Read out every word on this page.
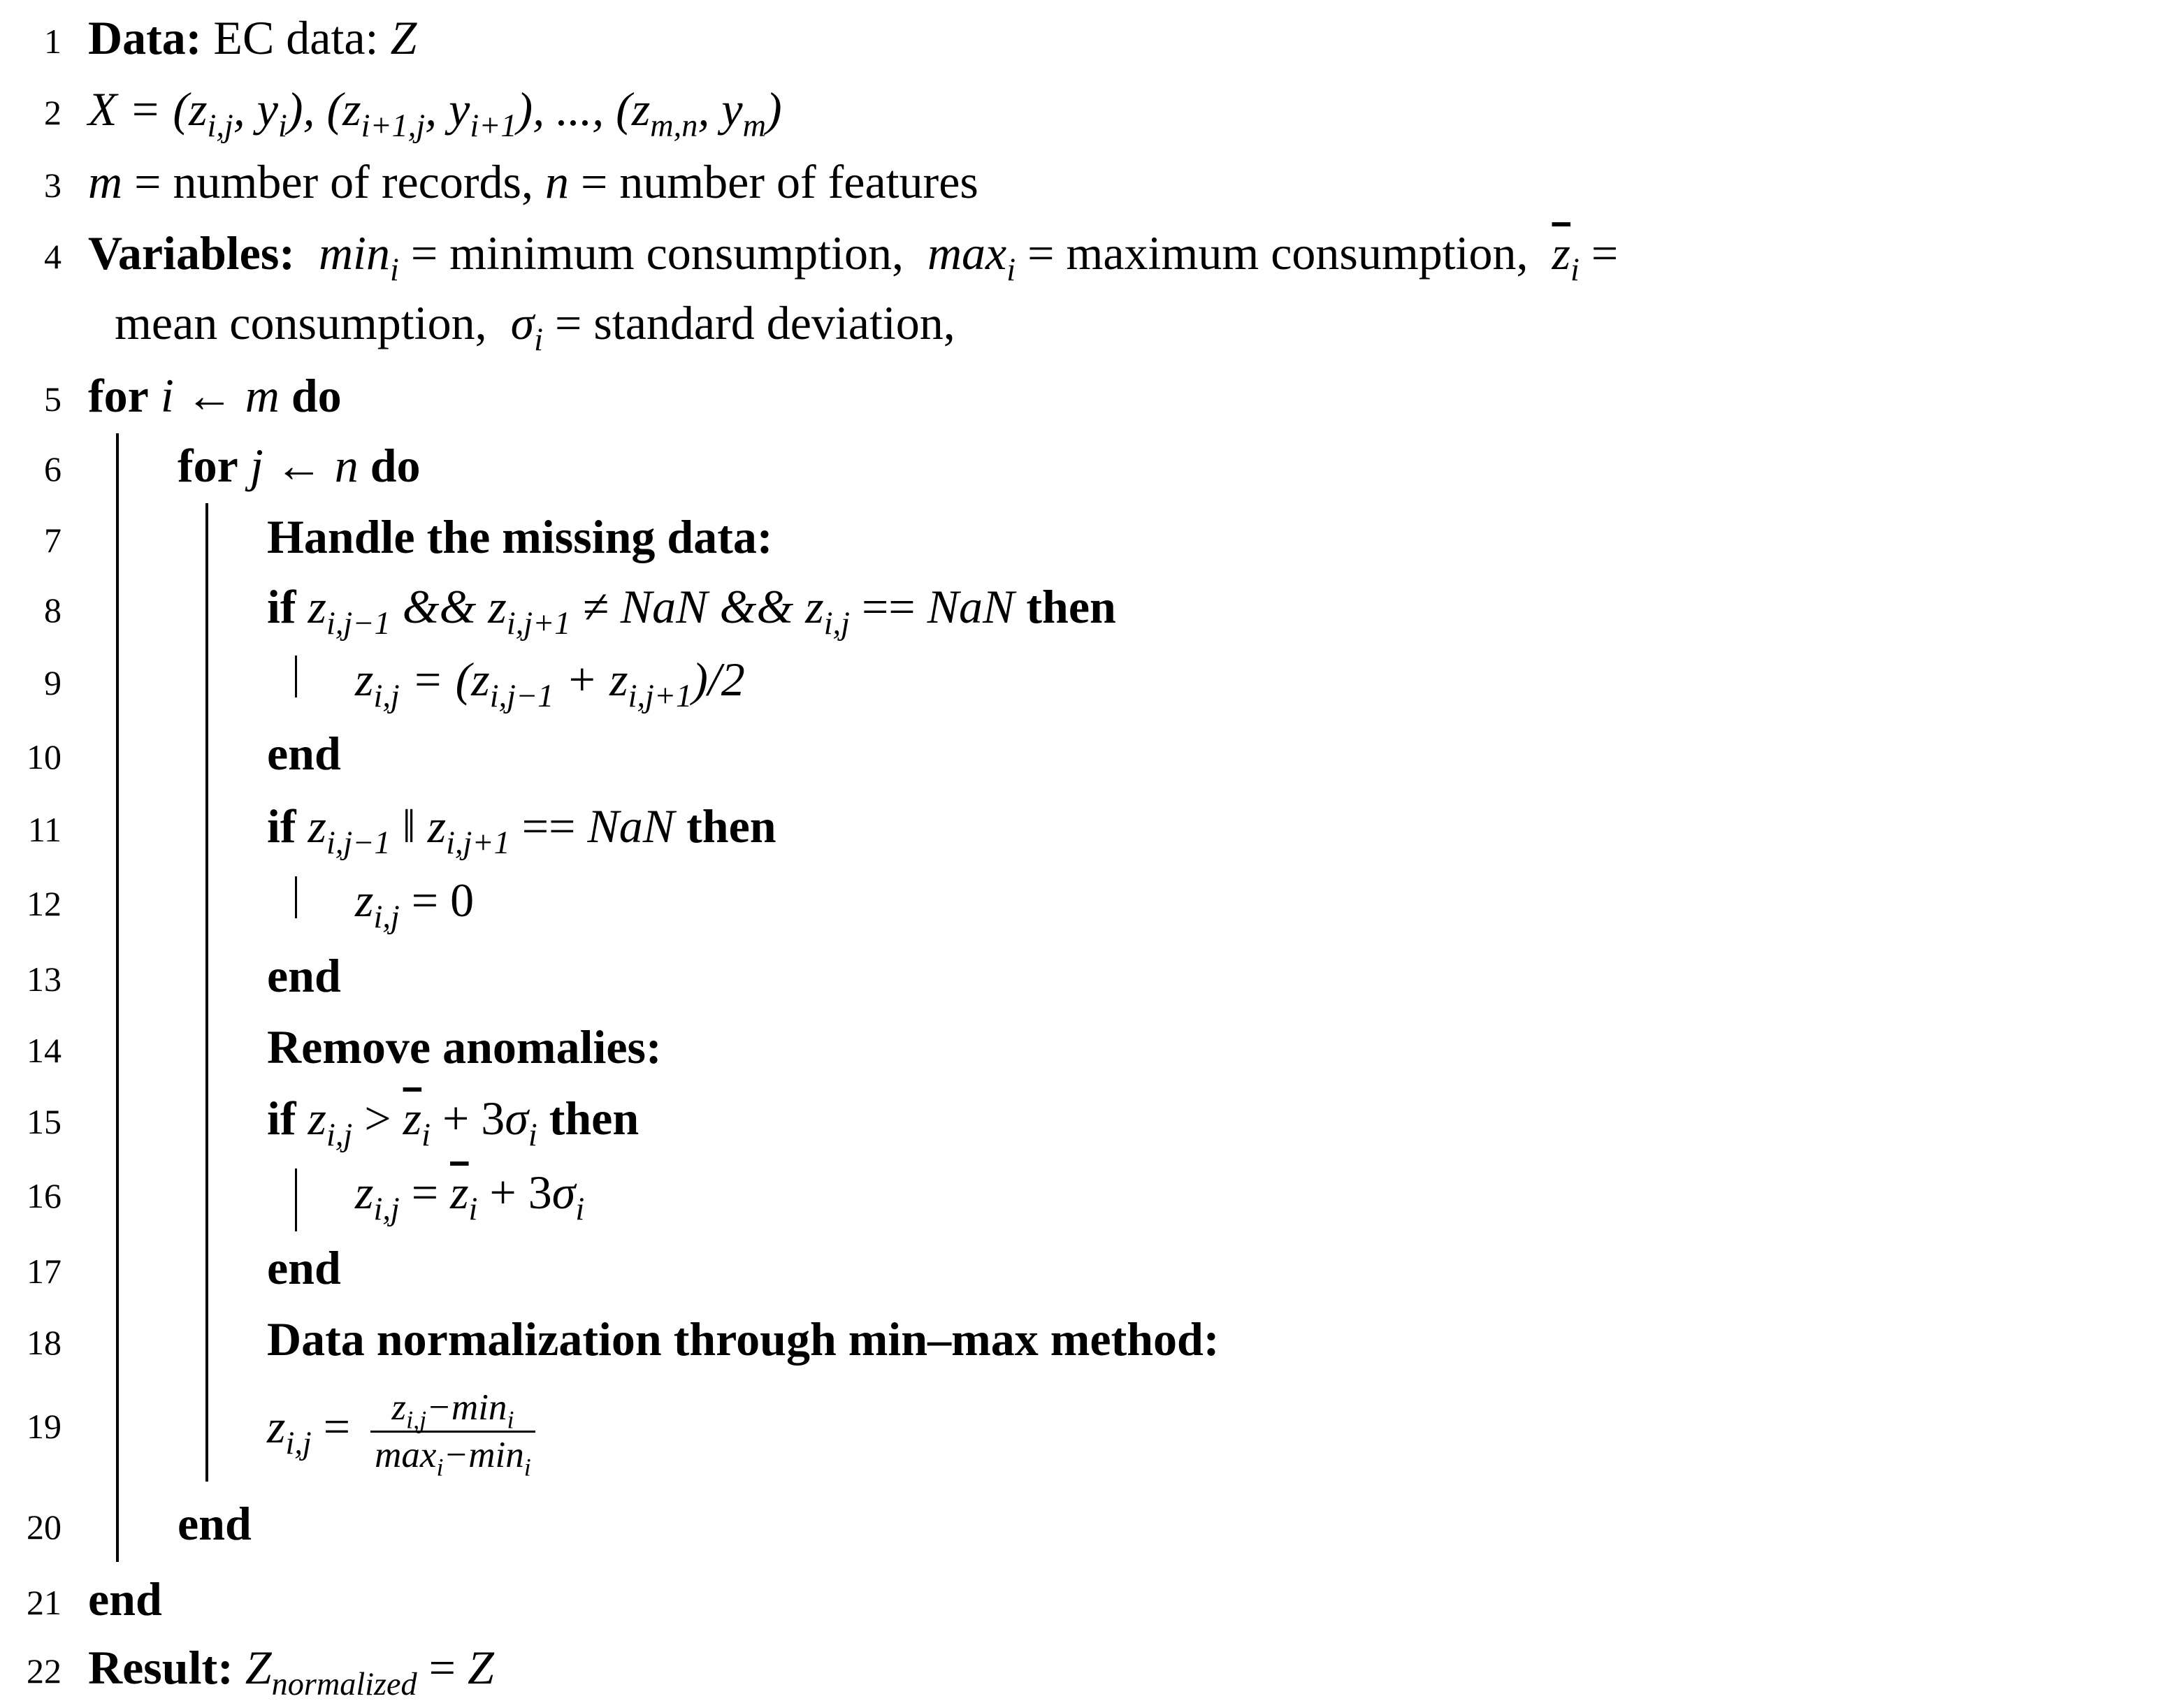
1 Data: EC data: Z
2 $X = (z_{i,j}$, $y_i$), ($z_{i+1,j}$, $y_{i+1}$), ..., ($z_{m,n}$, $y_m$)
3 m = number of records, n = number of features
4 Variables: $\min_i$ = minimum consumption, $\max_i$ = maximum consumption, $\overline{z}_i$ =
mean consumption, $\sigma_i$ = standard deviation,
5 for i ← m do
6 for j ← n do
7	Handle the missing data:
8	if $z_{i,j-1}$ && $z_{i,j+1}$ ≠ NaN && $z_{i,j}$ == NaN then
9	$z_{i,j} = (z_{i,j-1} + z_{i,j+1})/2$
10	end
11	if $z_{i,j-1}$ ‖ $z_{i,j+1}$ == NaN then
12	$z_{i,j} = 0$
13	end
14	Remove anomalies:
15	if $z_{i,j} > \overline{z}_i + 3\sigma_i$ then
16	$z_{i,j} = \overline{z}_i + 3\sigma_i$
17	end
18	Data normalization through min–max method:
19	$z_{i,j} = \frac{z_{i,j}-\min_i}{\max_i-\min_i}$
20 end
21 end
22 Result: $Z_{normalized} = Z$
